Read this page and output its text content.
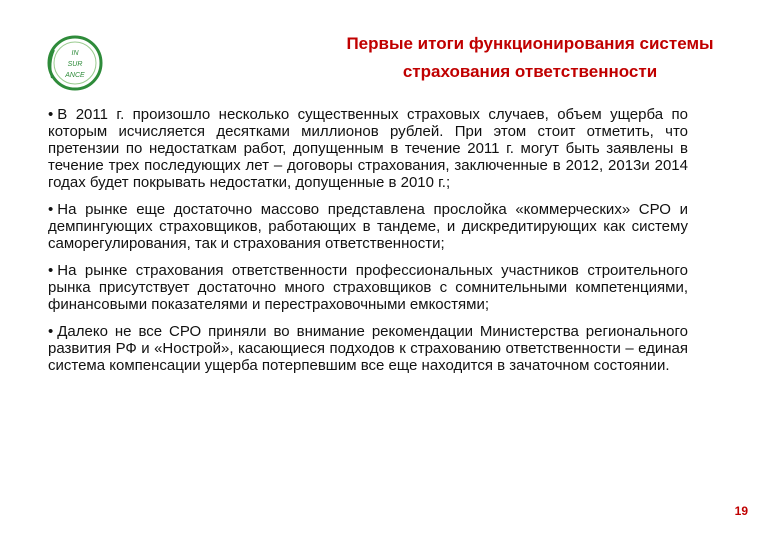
IN
SUR
ANCE
Первые итоги функционирования системы
страхования ответственности
• В 2011 г. произошло несколько существенных страховых случаев, объем ущерба по которым исчисляется десятками миллионов рублей. При этом стоит отметить, что претензии по недостаткам работ, допущенным в течение 2011 г. могут быть заявлены в течение трех последующих лет – договоры страхования, заключенные в 2012, 2013и 2014 годах будет покрывать недостатки, допущенные в 2010 г.;
• На рынке еще достаточно массово представлена прослойка «коммерческих» СРО и демпингующих страховщиков, работающих в тандеме, и дискредитирующих как систему саморегулирования, так и страхования ответственности;
• На рынке страхования ответственности профессиональных участников строительного рынка присутствует достаточно много страховщиков с сомнительными компетенциями, финансовыми показателями и перестраховочными емкостями;
• Далеко не все СРО приняли во внимание рекомендации Министерства регионального развития РФ и «Нострой», касающиеся подходов к страхованию ответственности – единая система компенсации ущерба потерпевшим все еще находится в зачаточном состоянии.
19
